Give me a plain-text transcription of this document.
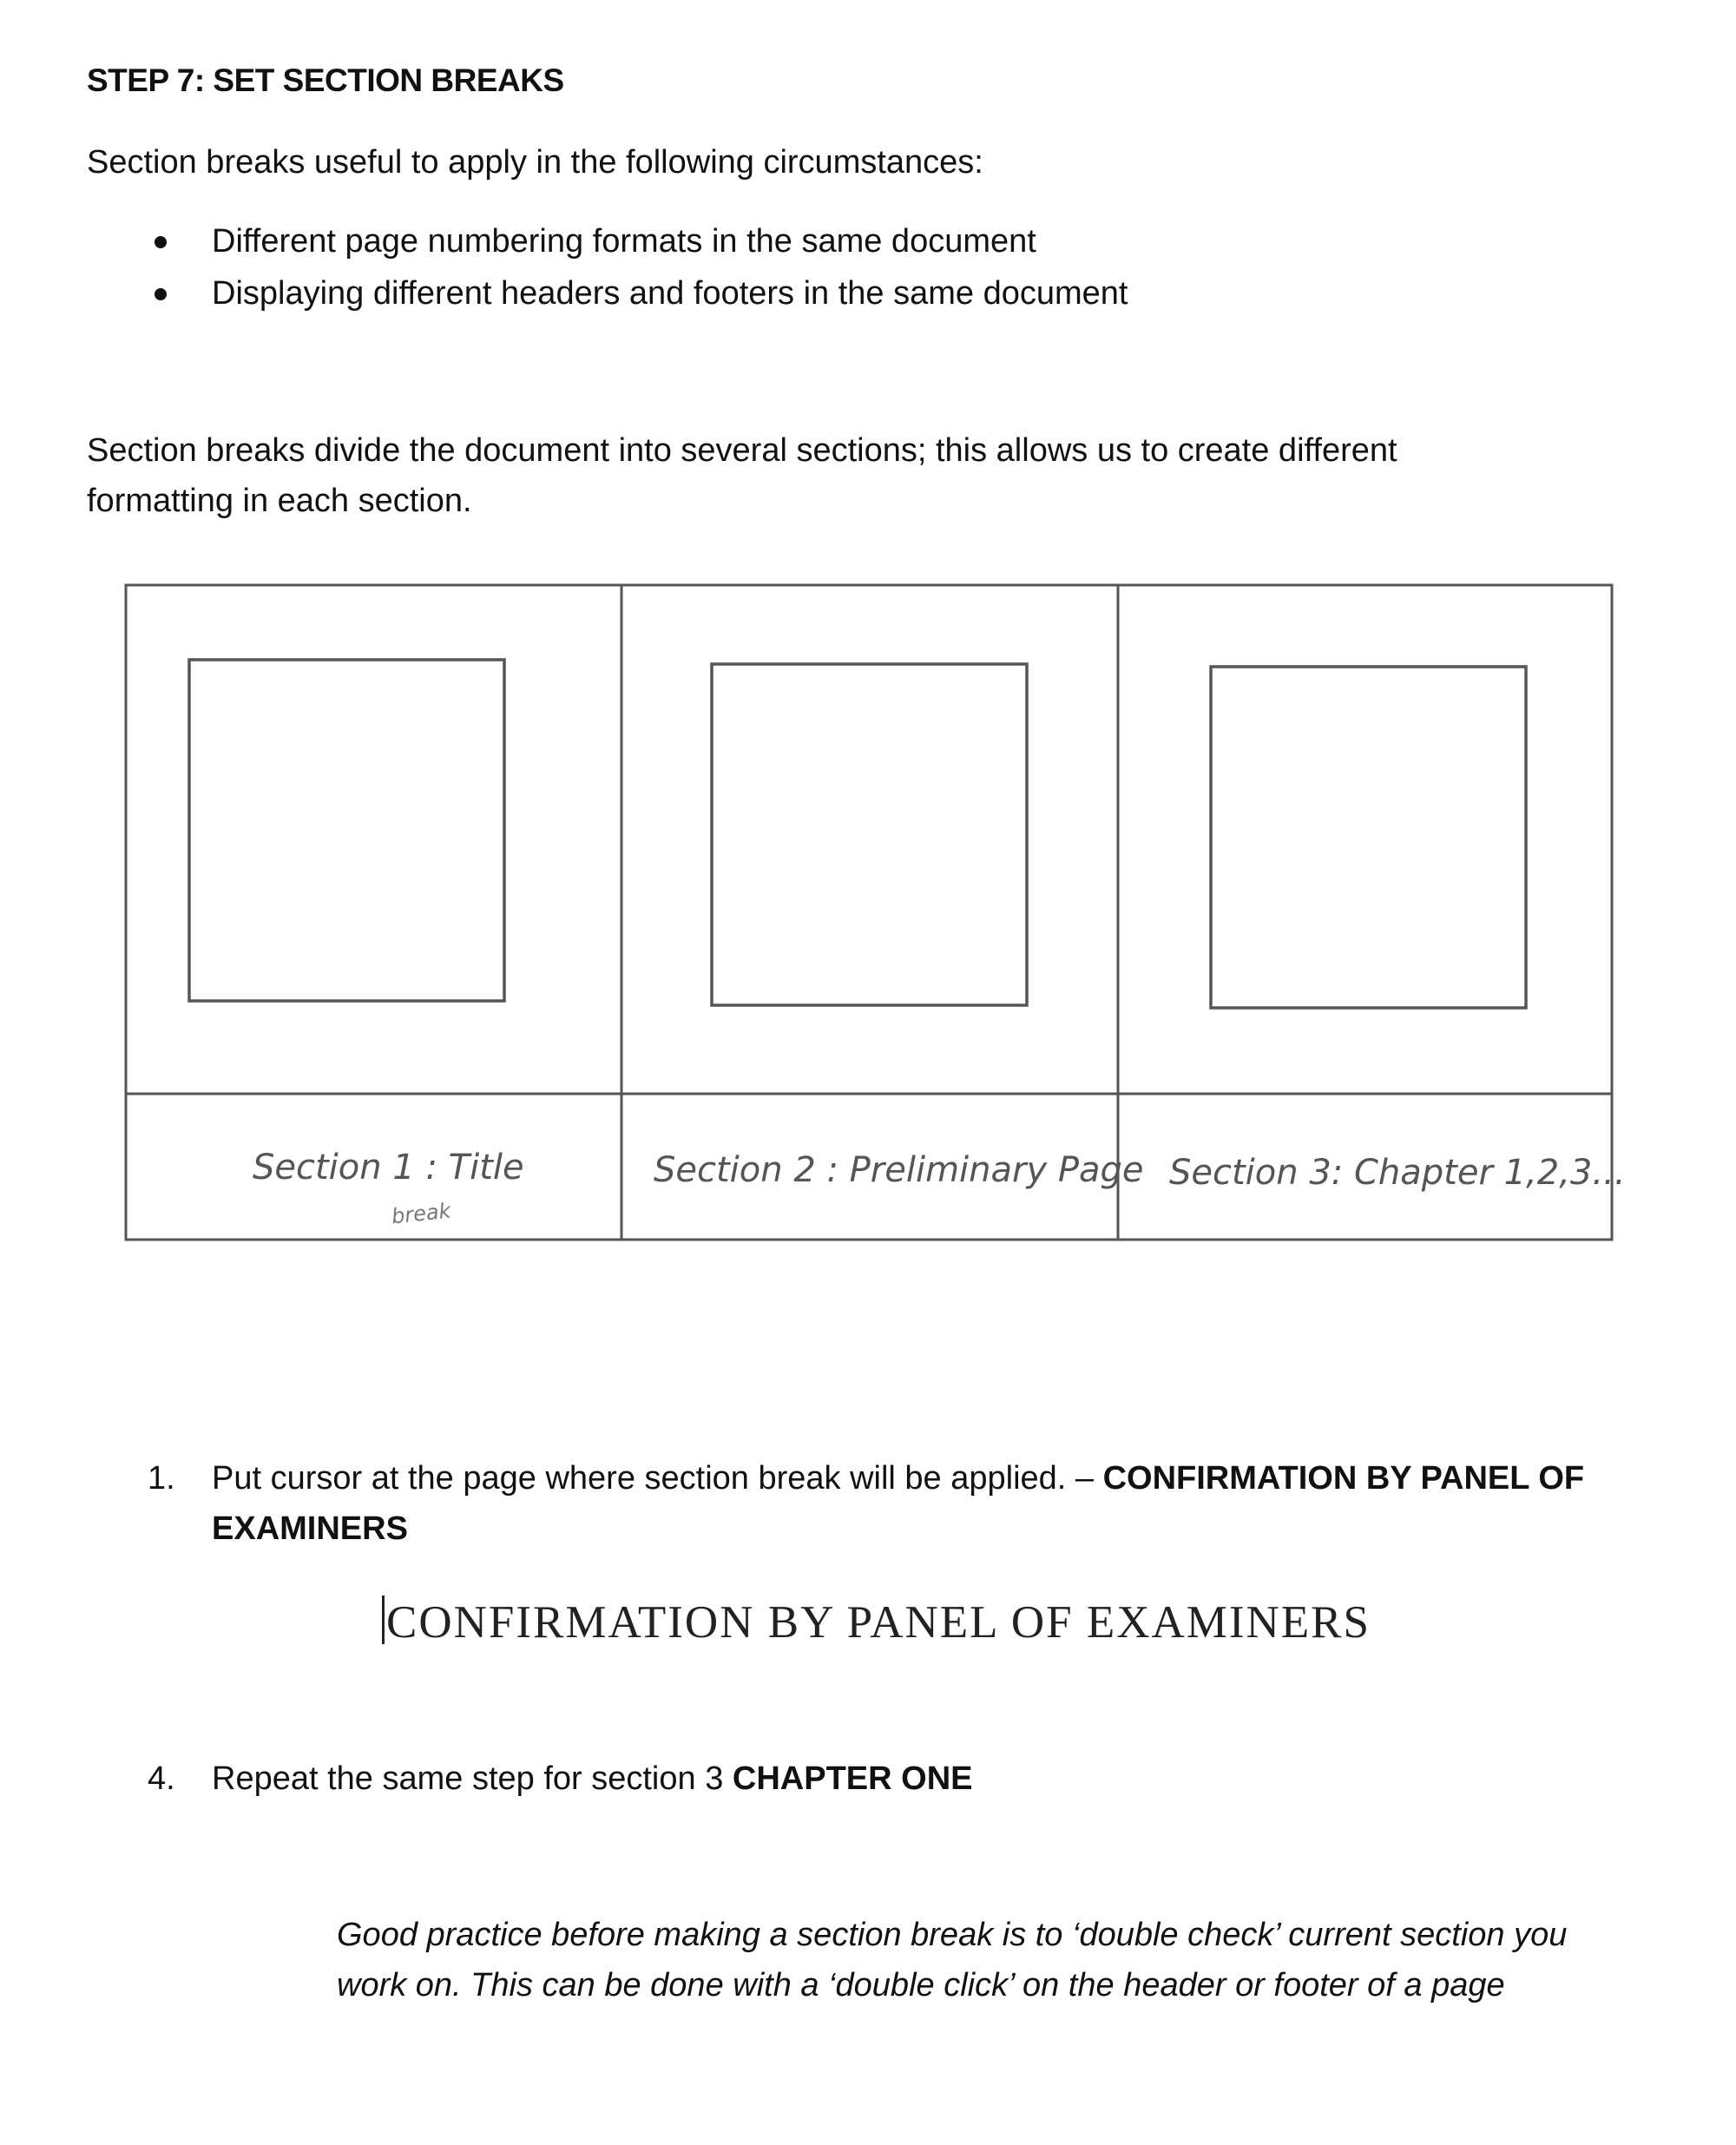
STEP 7: SET SECTION BREAKS
Section breaks useful to apply in the following circumstances:
Different page numbering formats in the same document
Displaying different headers and footers in the same document
Section breaks divide the document into several sections; this allows us to create different
formatting in each section.
Section 1 : Title	Section 2 : Preliminary Page Section 3: Chapter 1,2,3...
break
1. Put cursor at the page where section break will be applied. – CONFIRMATION BY PANEL OF
EXAMINERS
CONFIRMATION BY PANEL OF EXAMINERS
4. Repeat the same step for section 3 CHAPTER ONE
Good practice before making a section break is to ‘double check’ current section you
work on. This can be done with a ‘double click’ on the header or footer of a page
